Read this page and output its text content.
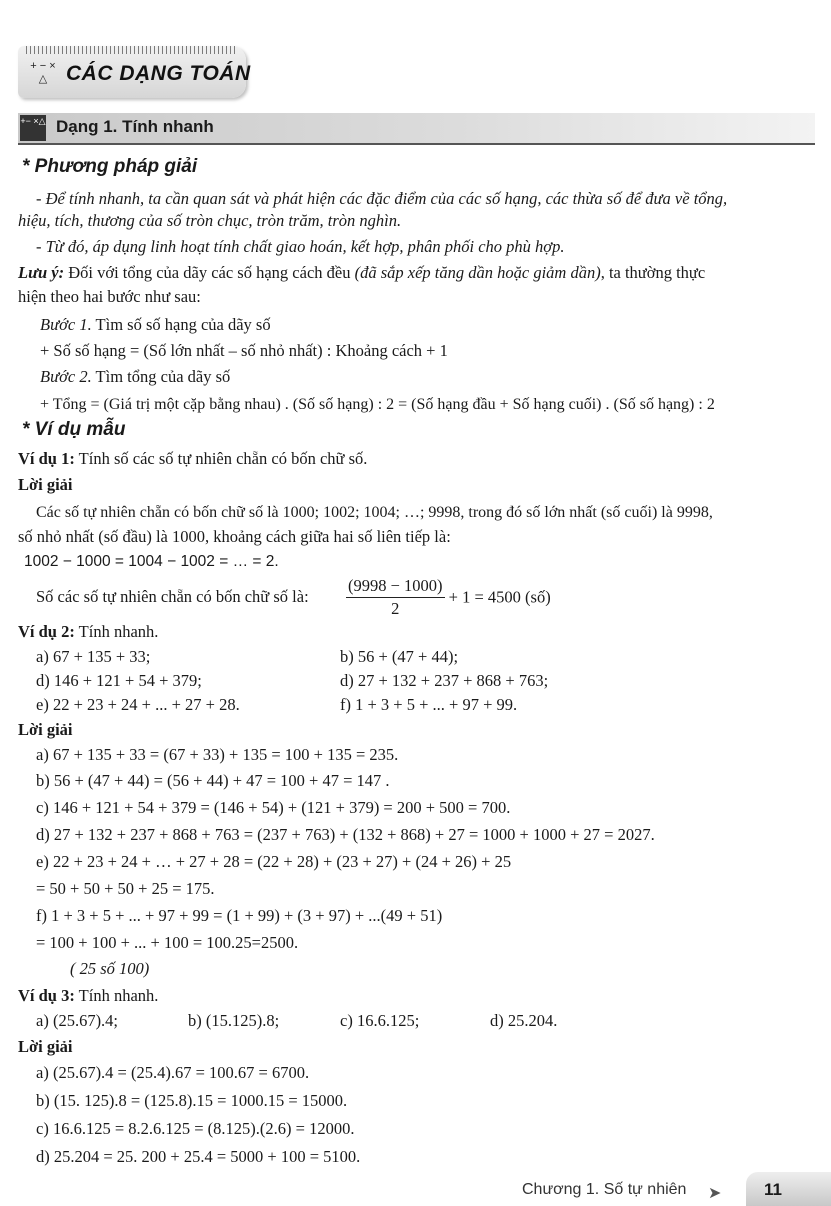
+ − × △ CÁC DẠNG TOÁN
+− ×△ Dạng 1. Tính nhanh
* Phương pháp giải
- Để tính nhanh, ta cần quan sát và phát hiện các đặc điểm của các số hạng, các thừa số để đưa về tổng,
hiệu, tích, thương của số tròn chục, tròn trăm, tròn nghìn.
- Từ đó, áp dụng linh hoạt tính chất giao hoán, kết hợp, phân phối cho phù hợp.
Lưu ý: Đối với tổng của dãy các số hạng cách đều (đã sắp xếp tăng dần hoặc giảm dần), ta thường thực
hiện theo hai bước như sau:
Bước 1. Tìm số số hạng của dãy số
+ Số số hạng = (Số lớn nhất – số nhỏ nhất) : Khoảng cách + 1
Bước 2. Tìm tổng của dãy số
+ Tổng = (Giá trị một cặp bằng nhau) . (Số số hạng) : 2 = (Số hạng đầu + Số hạng cuối) . (Số số hạng) : 2
* Ví dụ mẫu
Ví dụ 1: Tính số các số tự nhiên chẵn có bốn chữ số.
Lời giải
Các số tự nhiên chẵn có bốn chữ số là 1000; 1002; 1004; …; 9998, trong đó số lớn nhất (số cuối) là 9998,
số nhỏ nhất (số đầu) là 1000, khoảng cách giữa hai số liên tiếp là:
1002 − 1000 = 1004 − 1002 = … = 2.
Số các số tự nhiên chẵn có bốn chữ số là: $\frac{(9998 - 1000)}{2} + 1 = 4500$ (số)
Ví dụ 2: Tính nhanh.
a) 67 + 135 + 33;	b) 56 + (47 + 44);
d) 146 + 121 + 54 + 379;	d) 27 + 132 + 237 + 868 + 763;
e) 22 + 23 + 24 + ... + 27 + 28.	f) 1 + 3 + 5 + ... + 97 + 99.
Lời giải
a) 67 + 135 + 33 = (67 + 33) + 135 = 100 + 135 = 235.
b) 56 + (47 + 44) = (56 + 44) + 47 = 100 + 47 = 147 .
c) 146 + 121 + 54 + 379 = (146 + 54) + (121 + 379) = 200 + 500 = 700.
d) 27 + 132 + 237 + 868 + 763 = (237 + 763) + (132 + 868) + 27 = 1000 + 1000 + 27 = 2027.
e) 22 + 23 + 24 + … + 27 + 28 = (22 + 28) + (23 + 27) + (24 + 26) + 25
= 50 + 50 + 50 + 25 = 175.
f) 1 + 3 + 5 + ... + 97 + 99 = (1 + 99) + (3 + 97) + ...(49 + 51)
= 100 + 100 + ... + 100 = 100.25=2500.
( 25 số 100)
Ví dụ 3: Tính nhanh.
a) (25.67).4;	b) (15.125).8;	c) 16.6.125;	d) 25.204.
Lời giải
a) (25.67).4 = (25.4).67 = 100.67 = 6700.
b) (15. 125).8 = (125.8).15 = 1000.15 = 15000.
c) 16.6.125 = 8.2.6.125 = (8.125).(2.6) = 12000.
d) 25.204 = 25. 200 + 25.4 = 5000 + 100 = 5100.
Chương 1. Số tự nhiên ➤	11
